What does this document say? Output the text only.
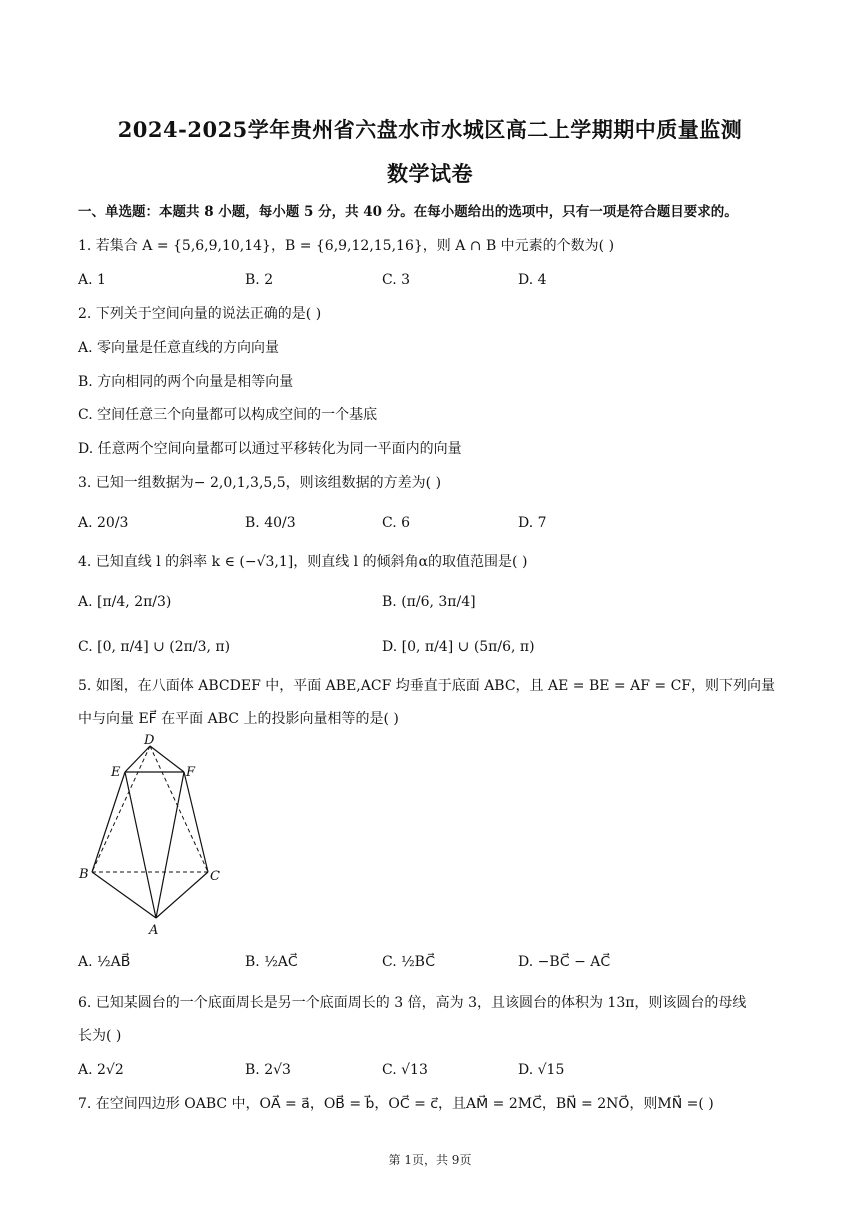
2024-2025学年贵州省六盘水市水城区高二上学期期中质量监测
数学试卷
一、单选题：本题共 8 小题，每小题 5 分，共 40 分。在每小题给出的选项中，只有一项是符合题目要求的。
1. 若集合 A = {5,6,9,10,14}，B = {6,9,12,15,16}，则 A ∩ B 中元素的个数为( )
A. 1	B. 2	C. 3	D. 4
2. 下列关于空间向量的说法正确的是( )
A. 零向量是任意直线的方向向量
B. 方向相同的两个向量是相等向量
C. 空间任意三个向量都可以构成空间的一个基底
D. 任意两个空间向量都可以通过平移转化为同一平面内的向量
3. 已知一组数据为− 2,0,1,3,5,5，则该组数据的方差为( )
A. 20/3	B. 40/3	C. 6	D. 7
4. 已知直线 l 的斜率 k ∈ (−√3,1]，则直线 l 的倾斜角α的取值范围是( )
A. [π/4, 2π/3)	B. (π/6, 3π/4]
C. [0, π/4] ∪ (2π/3, π)	D. [0, π/4] ∪ (5π/6, π)
5. 如图，在八面体 ABCDEF 中，平面 ABE,ACF 均垂直于底面 ABC，且 AE = BE = AF = CF，则下列向量
中与向量 EF⃗ 在平面 ABC 上的投影向量相等的是( )
D
E	F
B	C
A
A. ½AB⃗	B. ½AC⃗	C. ½BC⃗	D. −BC⃗ − AC⃗
6. 已知某圆台的一个底面周长是另一个底面周长的 3 倍，高为 3，且该圆台的体积为 13π，则该圆台的母线
长为( )
A. 2√2	B. 2√3	C. √13	D. √15
7. 在空间四边形 OABC 中，OA⃗ = a⃗，OB⃗ = b⃗，OC⃗ = c⃗，且AM⃗ = 2MC⃗，BN⃗ = 2NO⃗，则MN⃗ =( )
第 1页，共 9页
